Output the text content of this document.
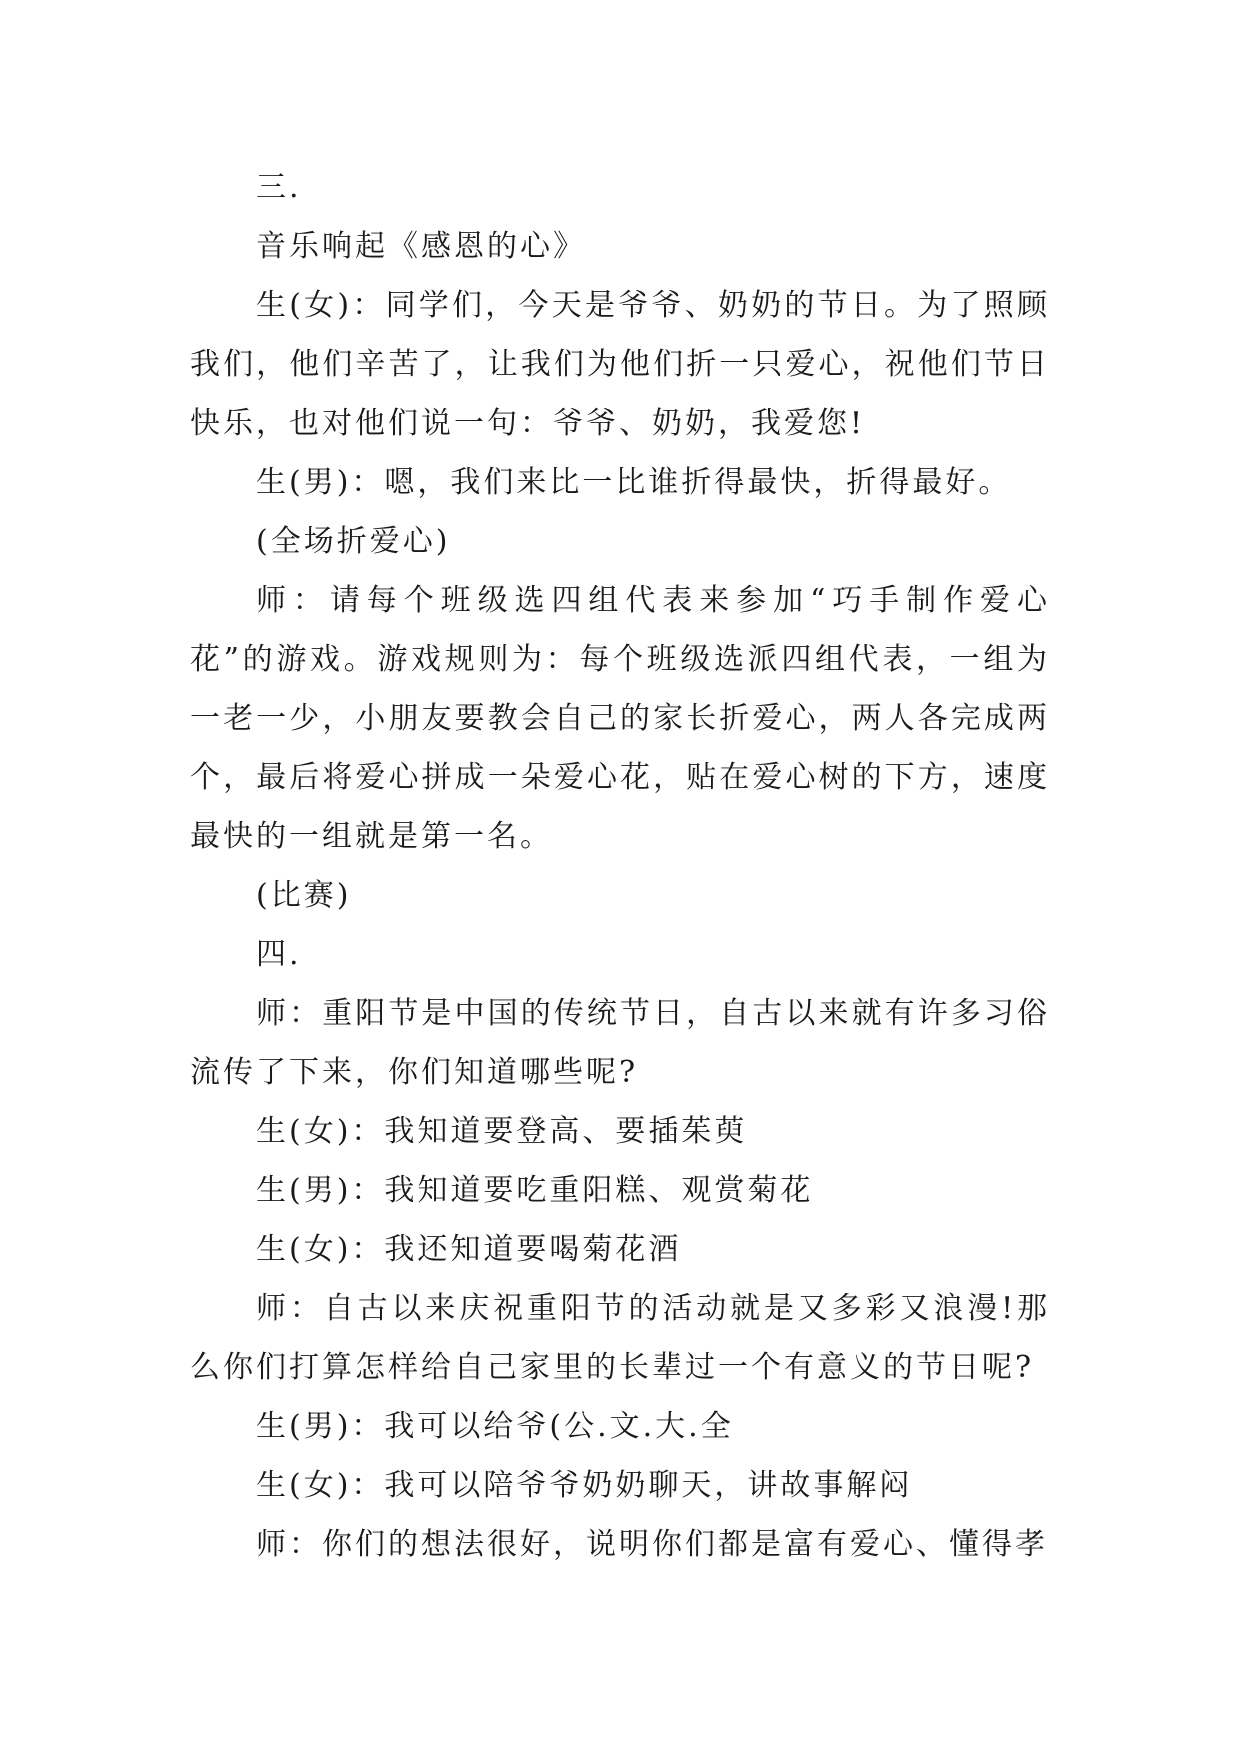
三.

音乐响起《感恩的心》

生(女)：同学们，今天是爷爷、奶奶的节日。为了照顾我们，他们辛苦了，让我们为他们折一只爱心，祝他们节日快乐，也对他们说一句：爷爷、奶奶，我爱您!

生(男)：嗯，我们来比一比谁折得最快，折得最好。

(全场折爱心)

师：请每个班级选四组代表来参加“巧手制作爱心花”的游戏。游戏规则为：每个班级选派四组代表，一组为一老一少，小朋友要教会自己的家长折爱心，两人各完成两个，最后将爱心拼成一朵爱心花，贴在爱心树的下方，速度最快的一组就是第一名。

(比赛)

四.

师：重阳节是中国的传统节日，自古以来就有许多习俗流传了下来，你们知道哪些呢?

生(女)：我知道要登高、要插茱萸

生(男)：我知道要吃重阳糕、观赏菊花

生(女)：我还知道要喝菊花酒

师：自古以来庆祝重阳节的活动就是又多彩又浪漫!那么你们打算怎样给自己家里的长辈过一个有意义的节日呢?

生(男)：我可以给爷(公.文.大.全

生(女)：我可以陪爷爷奶奶聊天，讲故事解闷

师：你们的想法很好，说明你们都是富有爱心、懂得孝
